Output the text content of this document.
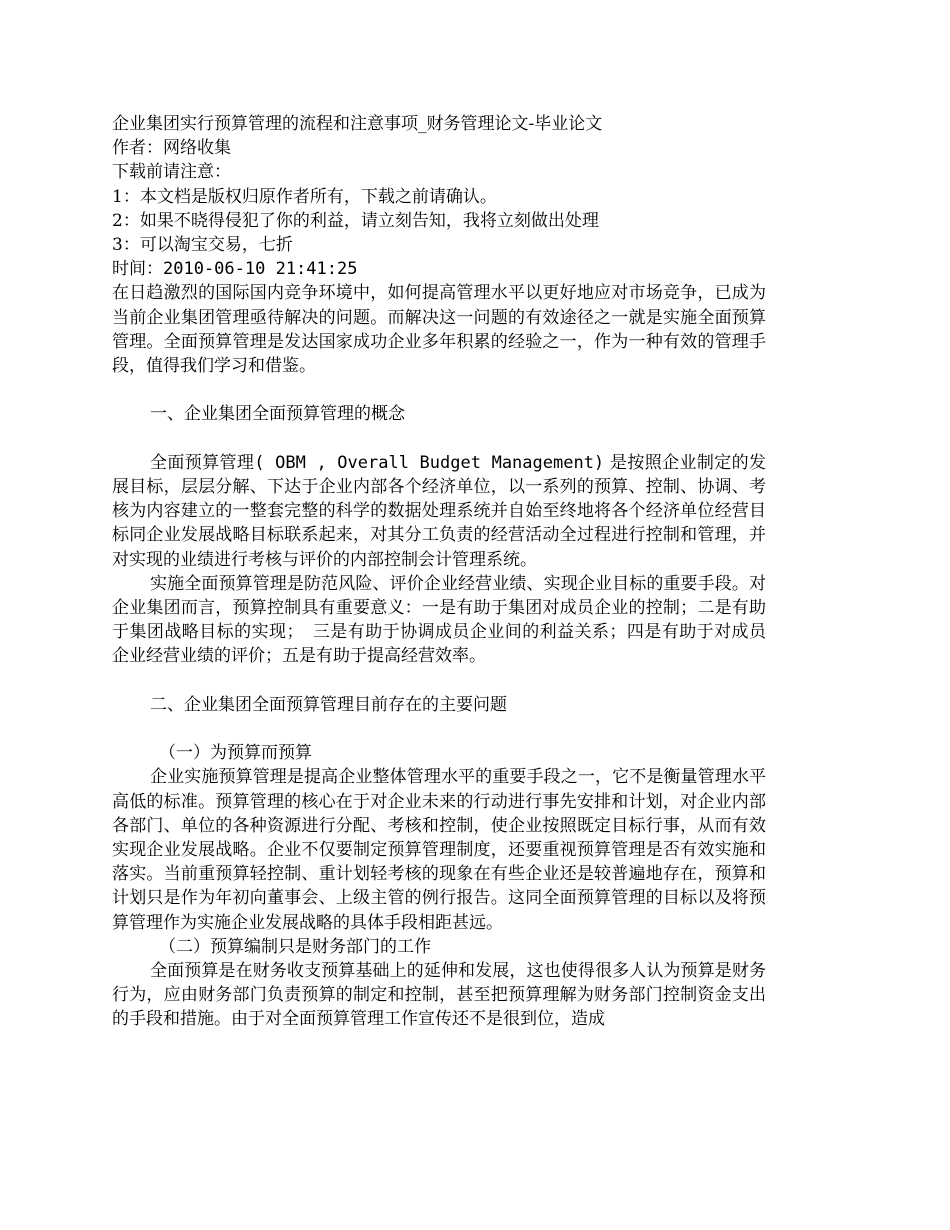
企业集团实行预算管理的流程和注意事项_财务管理论文-毕业论文

作者：网络收集

下载前请注意：

1：本文档是版权归原作者所有，下载之前请确认。

2：如果不晓得侵犯了你的利益，请立刻告知，我将立刻做出处理

3：可以淘宝交易，七折

时间：2010-06-10 21:41:25

在日趋激烈的国际国内竞争环境中，如何提高管理水平以更好地应对市场竞争，已成为当前企业集团管理亟待解决的问题。而解决这一问题的有效途径之一就是实施全面预算管理。全面预算管理是发达国家成功企业多年积累的经验之一，作为一种有效的管理手段，值得我们学习和借鉴。

一、企业集团全面预算管理的概念

全面预算管理( OBM , Overall Budget Management) 是按照企业制定的发展目标，层层分解、下达于企业内部各个经济单位，以一系列的预算、控制、协调、考核为内容建立的一整套完整的科学的数据处理系统并自始至终地将各个经济单位经营目标同企业发展战略目标联系起来，对其分工负责的经营活动全过程进行控制和管理，并对实现的业绩进行考核与评价的内部控制会计管理系统。

实施全面预算管理是防范风险、评价企业经营业绩、实现企业目标的重要手段。对企业集团而言，预算控制具有重要意义：一是有助于集团对成员企业的控制；二是有助于集团战略目标的实现；　三是有助于协调成员企业间的利益关系；四是有助于对成员企业经营业绩的评价；五是有助于提高经营效率。

二、企业集团全面预算管理目前存在的主要问题

（一）为预算而预算

企业实施预算管理是提高企业整体管理水平的重要手段之一，它不是衡量管理水平高低的标准。预算管理的核心在于对企业未来的行动进行事先安排和计划，对企业内部各部门、单位的各种资源进行分配、考核和控制，使企业按照既定目标行事，从而有效实现企业发展战略。企业不仅要制定预算管理制度，还要重视预算管理是否有效实施和落实。当前重预算轻控制、重计划轻考核的现象在有些企业还是较普遍地存在，预算和计划只是作为年初向董事会、上级主管的例行报告。这同全面预算管理的目标以及将预算管理作为实施企业发展战略的具体手段相距甚远。

（二）预算编制只是财务部门的工作

全面预算是在财务收支预算基础上的延伸和发展，这也使得很多人认为预算是财务行为，应由财务部门负责预算的制定和控制，甚至把预算理解为财务部门控制资金支出的手段和措施。由于对全面预算管理工作宣传还不是很到位，造成
